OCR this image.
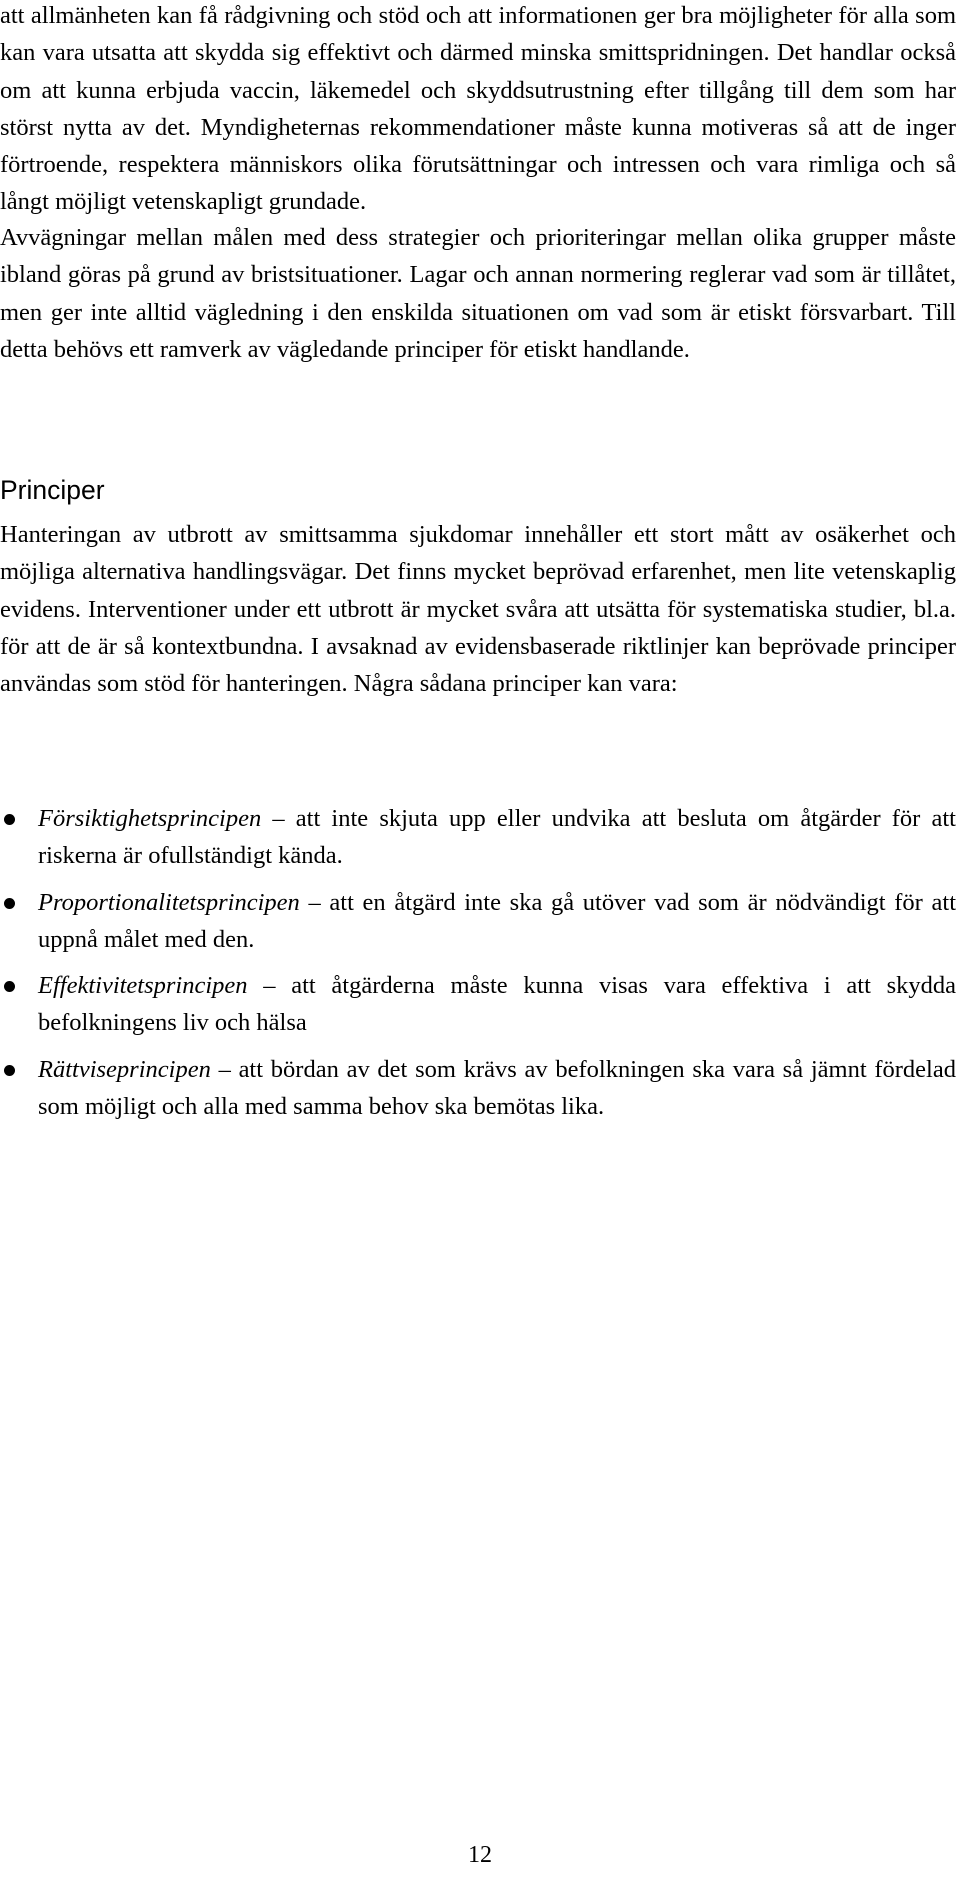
att allmänheten kan få rådgivning och stöd och att informationen ger bra möjligheter för alla som kan vara utsatta att skydda sig effektivt och därmed minska smittspridningen. Det handlar också om att kunna erbjuda vaccin, läkemedel och skyddsutrustning efter tillgång till dem som har störst nytta av det. Myndigheternas rekommendationer måste kunna motiveras så att de inger förtroende, respektera människors olika förutsättningar och intressen och vara rimliga och så långt möjligt vetenskapligt grundade.

Avvägningar mellan målen med dess strategier och prioriteringar mellan olika grupper måste ibland göras på grund av bristsituationer. Lagar och annan normering reglerar vad som är tillåtet, men ger inte alltid vägledning i den enskilda situationen om vad som är etiskt försvarbart. Till detta behövs ett ramverk av vägledande principer för etiskt handlande.

Principer

Hanteringan av utbrott av smittsamma sjukdomar innehåller ett stort mått av osäkerhet och möjliga alternativa handlingsvägar. Det finns mycket beprövad erfarenhet, men lite vetenskaplig evidens. Interventioner under ett utbrott är mycket svåra att utsätta för systematiska studier, bl.a. för att de är så kontextbundna. I avsaknad av evidensbaserade riktlinjer kan beprövade principer användas som stöd för hanteringen. Några sådana principer kan vara:

Försiktighetsprincipen – att inte skjuta upp eller undvika att besluta om åtgärder för att riskerna är ofullständigt kända.
Proportionalitetsprincipen – att en åtgärd inte ska gå utöver vad som är nödvändigt för att uppnå målet med den.
Effektivitetsprincipen – att åtgärderna måste kunna visas vara effektiva i att skydda befolkningens liv och hälsa
Rättviseprincipen – att bördan av det som krävs av befolkningen ska vara så jämnt fördelad som möjligt och alla med samma behov ska bemötas lika.

12
